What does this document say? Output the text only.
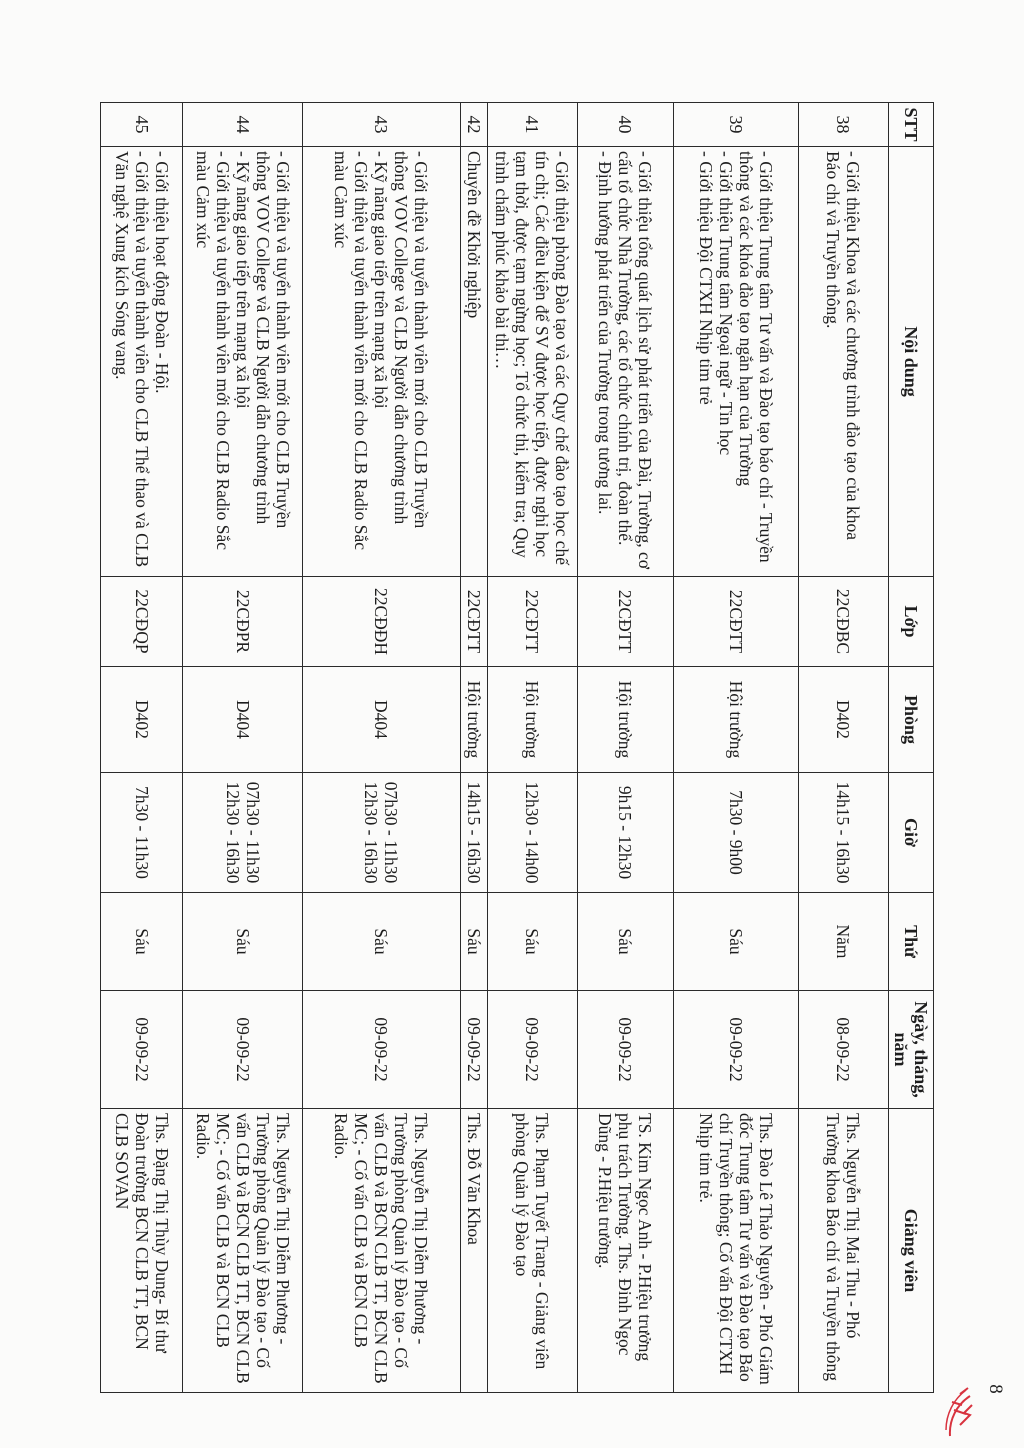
STT	Nội dung	Lớp	Phòng	Giờ	Thứ	Ngày, tháng, năm	Giảng viên
38	- Giới thiệu Khoa và các chương trình đào tạo của khoa Báo chí và Truyền thông.	22CĐBC	D402	14h15 - 16h30	Năm	08-09-22	Ths. Nguyễn Thị Mai Thu - Phó Trưởng khoa Báo chí và Truyền thông
39	- Giới thiệu Trung tâm Tư vấn và Đào tạo báo chí - Truyền thông và các khóa đào tạo ngắn hạn của Trường
- Giới thiệu Trung tâm Ngoại ngữ - Tin học
- Giới thiệu Đội CTXH Nhịp tim trẻ	22CĐTT	Hội trường	7h30 - 9h00	Sáu	09-09-22	Ths. Đào Lê Thảo Nguyên - Phó Giám đốc Trung tâm Tư vấn và Đào tạo Báo chí Truyền thông; Cố vấn Đội CTXH Nhịp tim trẻ.
40	- Giới thiệu tổng quát lịch sử phát triển của Đài, Trường, cơ cấu tổ chức Nhà Trường, các tổ chức chính trị, đoàn thể.
- Định hướng phát triển của Trường trong tương lai.	22CĐTT	Hội trường	9h15 - 12h30	Sáu	09-09-22	TS. Kim Ngọc Anh - P.Hiệu trưởng phụ trách Trường. Ths. Đinh Ngọc Dũng - P.Hiệu trưởng.
41	- Giới thiệu phòng Đào tạo và các Quy chế đào tạo học chế tín chỉ; Các điều kiện để SV được học tiếp, được nghỉ học tạm thời, được tạm ngừng học; Tổ chức thi, kiểm tra; Quy trình chấm phúc khảo bài thi…	22CĐTT	Hội trường	12h30 - 14h00	Sáu	09-09-22	Ths. Phạm Tuyết Trang - Giảng viên phòng Quản lý Đào tạo
42	Chuyên đề Khởi nghiệp	22CĐTT	Hội trường	14h15 - 16h30	Sáu	09-09-22	Ths. Đỗ Văn Khoa
43	- Giới thiệu và tuyển thành viên mới cho CLB Truyền thông VOV College và CLB Người dẫn chương trình
- Kỹ năng giao tiếp trên mạng xã hội
- Giới thiệu và tuyển thành viên mới cho CLB Radio Sắc màu Cảm xúc	22CĐĐH	D404	07h30 - 11h30
12h30 - 16h30	Sáu	09-09-22	Ths. Nguyễn Thị Diễm Phương - Trưởng phòng Quản lý Đào tạo - Cố vấn CLB và BCN CLB TT, BCN CLB MC; - Cố vấn CLB và BCN CLB Radio.
44	- Giới thiệu và tuyển thành viên mới cho CLB Truyền thông VOV College và CLB Người dẫn chương trình
- Kỹ năng giao tiếp trên mạng xã hội
- Giới thiệu và tuyển thành viên mới cho CLB Radio Sắc màu Cảm xúc	22CĐPR	D404	07h30 - 11h30
12h30 - 16h30	Sáu	09-09-22	Ths. Nguyễn Thị Diễm Phương - Trưởng phòng Quản lý Đào tạo - Cố vấn CLB và BCN CLB TT, BCN CLB MC; - Cố vấn CLB và BCN CLB Radio.
45	- Giới thiệu hoạt động Đoàn - Hội.
- Giới thiệu và tuyển thành viên cho CLB Thể thao và CLB Văn nghệ Xung kích Sóng vang.	22CĐQP	D402	7h30 - 11h30	Sáu	09-09-22	Ths. Đặng Thị Thùy Dung- Bí thư Đoàn trường BCN CLB TT, BCN CLB SOVAN
8
